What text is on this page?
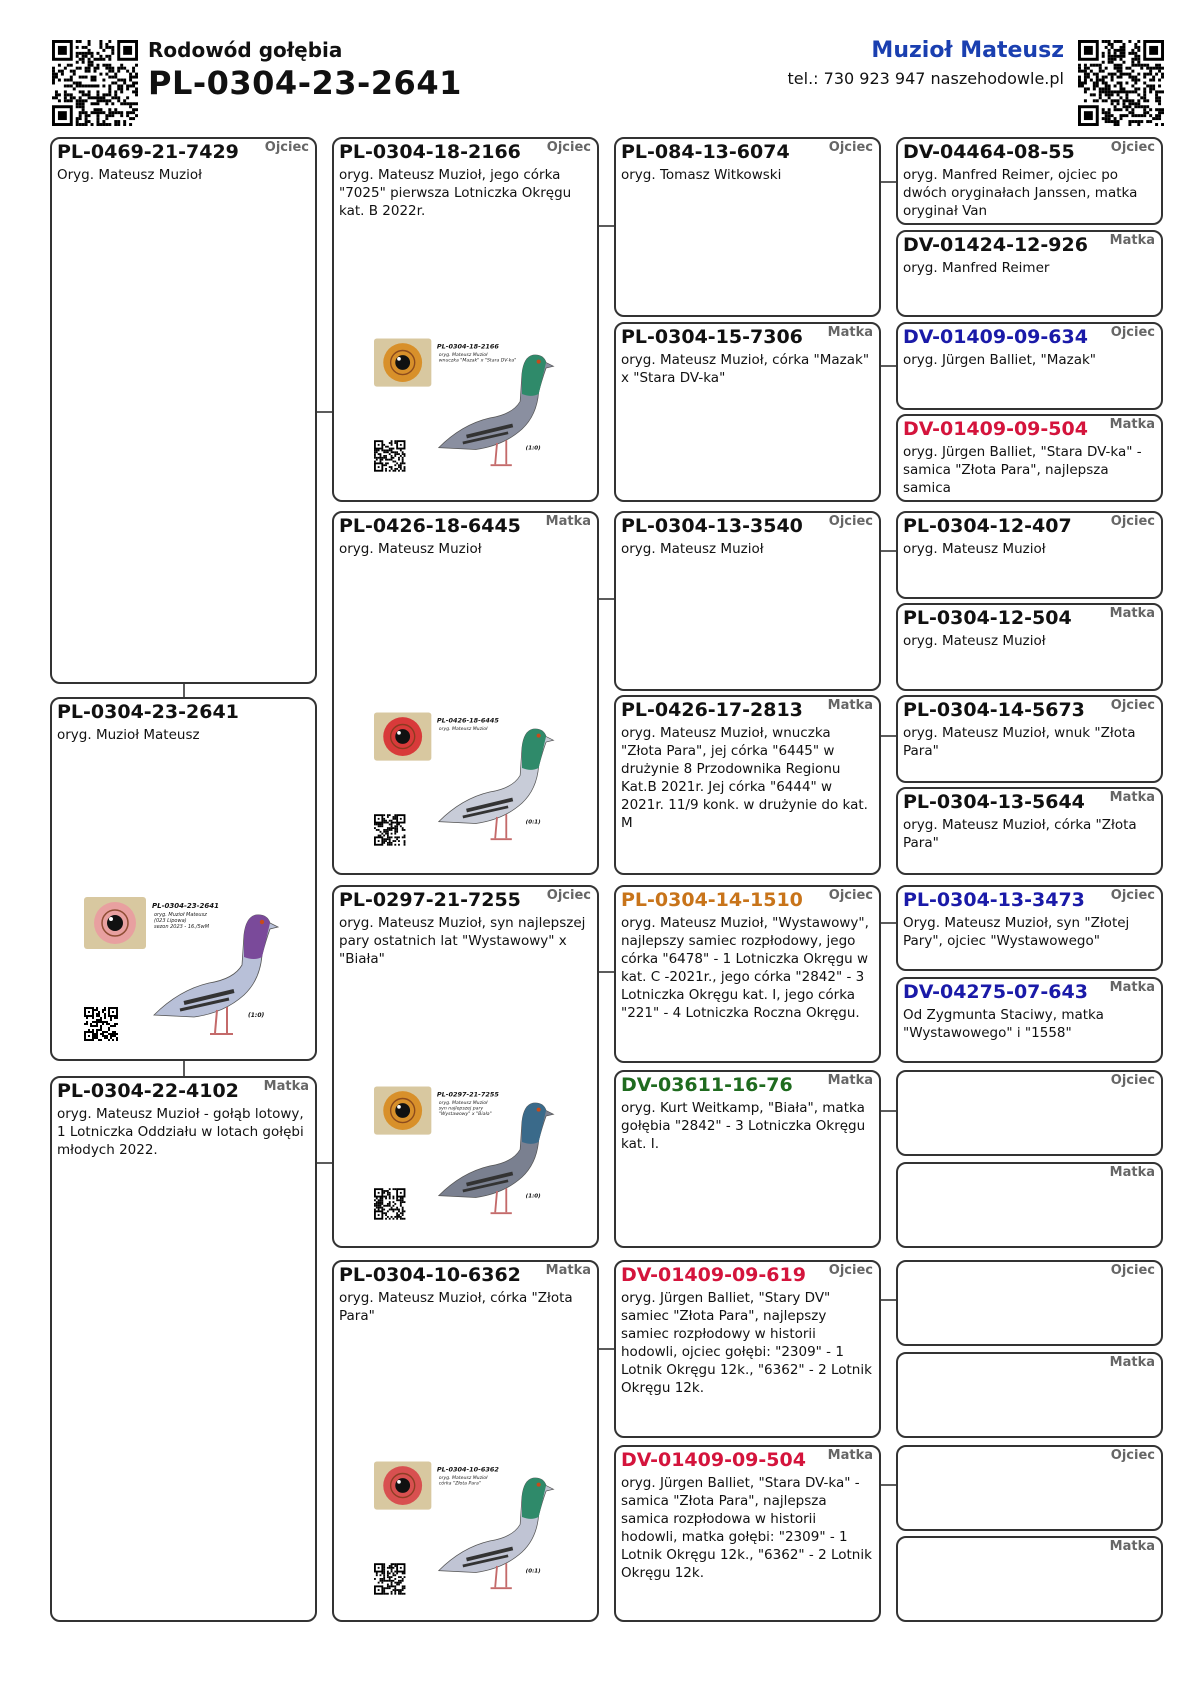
Rodowód gołębia
PL-0304-23-2641
Muzioł Mateusz
tel.: 730 923 947 naszehodowle.pl
PL-0304-23-2641
oryg. Muzioł Mateusz
PL-0304-23-2641
oryg. Muzioł Mateusz
(023 Lipowa)
sezon 2023 - 16./5wM
(1:0)
PL-0469-21-7429 Ojciec
Oryg. Mateusz Muzioł
PL-0304-22-4102 Matka
oryg. Mateusz Muzioł - gołąb lotowy, 1 Lotniczka Oddziału w lotach gołębi młodych 2022.
PL-0304-18-2166 Ojciec
oryg. Mateusz Muzioł, jego córka "7025" pierwsza Lotniczka Okręgu kat. B 2022r.
PL-0304-18-2166
oryg. Mateusz Muzioł
wnuczka "Mazak" x "Stara DV-ka"
(1:0)
PL-0426-18-6445 Matka
oryg. Mateusz Muzioł
PL-0426-18-6445
oryg. Mateusz Muzioł
(0:1)
PL-0297-21-7255 Ojciec
oryg. Mateusz Muzioł, syn najlepszej pary ostatnich lat "Wystawowy" x "Biała"
PL-0297-21-7255
oryg. Mateusz Muzioł
syn najlepszej pary
"Wystawowy" x "Biała"
(1:0)
PL-0304-10-6362 Matka
oryg. Mateusz Muzioł, córka "Złota Para"
PL-0304-10-6362
oryg. Mateusz Muzioł
córka "Złota Para"
(0:1)
PL-084-13-6074	Ojciec
oryg. Tomasz Witkowski
PL-0304-15-7306 Matka
oryg. Mateusz Muzioł, córka "Mazak" x "Stara DV-ka"
PL-0304-13-3540 Ojciec
oryg. Mateusz Muzioł
PL-0426-17-2813 Matka
oryg. Mateusz Muzioł, wnuczka "Złota Para", jej córka "6445" w drużynie 8 Przodownika Regionu Kat.B 2021r. Jej córka "6444" w 2021r. 11/9 konk. w drużynie do kat. M
PL-0304-14-1510 Ojciec
oryg. Mateusz Muzioł, "Wystawowy", najlepszy samiec rozpłodowy, jego córka "6478" - 1 Lotniczka Okręgu w kat. C -2021r., jego córka "2842" - 3 Lotniczka Okręgu kat. I, jego córka "221" - 4 Lotniczka Roczna Okręgu.
DV-03611-16-76	Matka
oryg. Kurt Weitkamp, "Biała", matka gołębia "2842" - 3 Lotniczka Okręgu kat. I.
DV-01409-09-619 Ojciec
oryg. Jürgen Balliet, "Stary DV" samiec "Złota Para", najlepszy samiec rozpłodowy w historii hodowli, ojciec gołębi: "2309" - 1 Lotnik Okręgu 12k., "6362" - 2 Lotnik Okręgu 12k.
DV-01409-09-504 Matka
oryg. Jürgen Balliet, "Stara DV-ka" - samica "Złota Para", najlepsza samica rozpłodowa w historii hodowli, matka gołębi: "2309" - 1 Lotnik Okręgu 12k., "6362" - 2 Lotnik Okręgu 12k.
DV-04464-08-55	Ojciec
oryg. Manfred Reimer, ojciec po dwóch oryginałach Janssen, matka oryginał Van
DV-01424-12-926 Matka
oryg. Manfred Reimer
DV-01409-09-634 Ojciec
oryg. Jürgen Balliet, "Mazak"
DV-01409-09-504 Matka
oryg. Jürgen Balliet, "Stara DV-ka" - samica "Złota Para", najlepsza samica
PL-0304-12-407	Ojciec
oryg. Mateusz Muzioł
PL-0304-12-504	Matka
oryg. Mateusz Muzioł
PL-0304-14-5673 Ojciec
oryg. Mateusz Muzioł, wnuk "Złota Para"
PL-0304-13-5644 Matka
oryg. Mateusz Muzioł, córka "Złota Para"
PL-0304-13-3473 Ojciec
Oryg. Mateusz Muzioł, syn "Złotej Pary", ojciec "Wystawowego"
DV-04275-07-643 Matka
Od Zygmunta Staciwy, matka "Wystawowego" i "1558"
Ojciec
Matka
Ojciec
Matka
Ojciec
Matka
